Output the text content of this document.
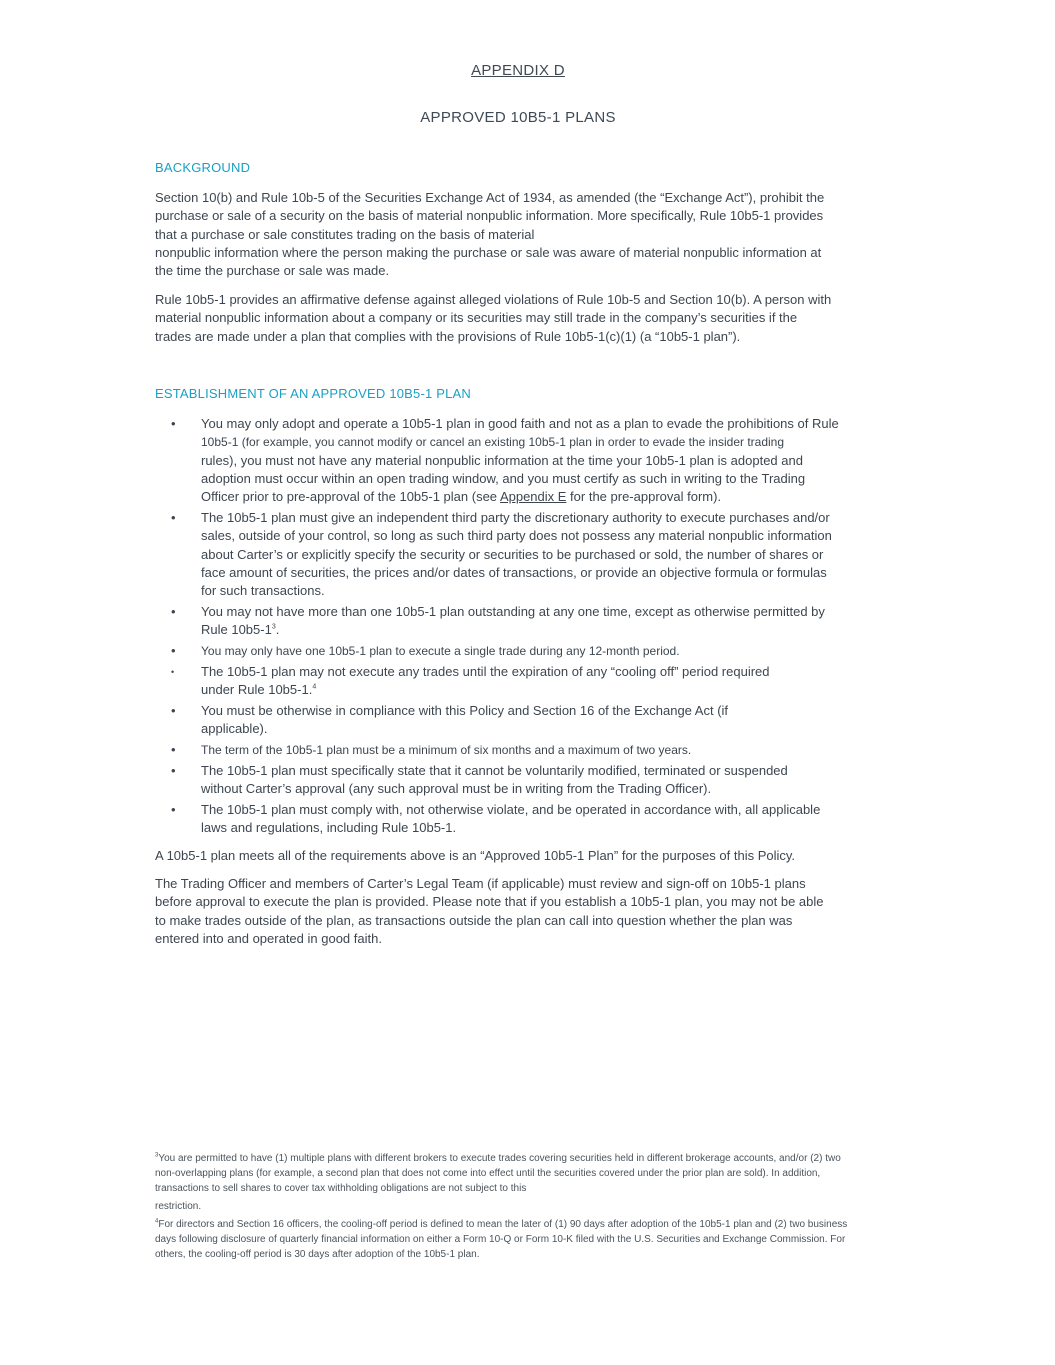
APPENDIX D
APPROVED 10B5-1 PLANS
BACKGROUND
Section 10(b) and Rule 10b-5 of the Securities Exchange Act of 1934, as amended (the “Exchange Act”), prohibit the
purchase or sale of a security on the basis of material nonpublic information. More specifically, Rule 10b5-1 provides
that a purchase or sale constitutes trading on the basis of material
nonpublic information where the person making the purchase or sale was aware of material nonpublic information at
the time the purchase or sale was made.
Rule 10b5-1 provides an affirmative defense against alleged violations of Rule 10b-5 and Section 10(b). A person with
material nonpublic information about a company or its securities may still trade in the company’s securities if the
trades are made under a plan that complies with the provisions of Rule 10b5-1(c)(1) (a “10b5-1 plan”).
ESTABLISHMENT OF AN APPROVED 10B5-1 PLAN
• You may only adopt and operate a 10b5-1 plan in good faith and not as a plan to evade the prohibitions of Rule
10b5-1 (for example, you cannot modify or cancel an existing 10b5-1 plan in order to evade the insider trading
rules), you must not have any material nonpublic information at the time your 10b5-1 plan is adopted and
adoption must occur within an open trading window, and you must certify as such in writing to the Trading
Officer prior to pre-approval of the 10b5-1 plan (see Appendix E for the pre-approval form).
• The 10b5-1 plan must give an independent third party the discretionary authority to execute purchases and/or
sales, outside of your control, so long as such third party does not possess any material nonpublic information
about Carter’s or explicitly specify the security or securities to be purchased or sold, the number of shares or
face amount of securities, the prices and/or dates of transactions, or provide an objective formula or formulas
for such transactions.
• You may not have more than one 10b5-1 plan outstanding at any one time, except as otherwise permitted by
Rule $10b5-1^3$.
• You may only have one 10b5-1 plan to execute a single trade during any 12-month period.
• The 10b5-1 plan may not execute any trades until the expiration of any “cooling off” period required
under Rule 10b5-1.$^4$
• You must be otherwise in compliance with this Policy and Section 16 of the Exchange Act (if
applicable).
• The term of the 10b5-1 plan must be a minimum of six months and a maximum of two years.
• The 10b5-1 plan must specifically state that it cannot be voluntarily modified, terminated or suspended
without Carter’s approval (any such approval must be in writing from the Trading Officer).
• The 10b5-1 plan must comply with, not otherwise violate, and be operated in accordance with, all applicable
laws and regulations, including Rule 10b5-1.
A 10b5-1 plan meets all of the requirements above is an “Approved 10b5-1 Plan” for the purposes of this Policy.
The Trading Officer and members of Carter’s Legal Team (if applicable) must review and sign-off on 10b5-1 plans
before approval to execute the plan is provided. Please note that if you establish a 10b5-1 plan, you may not be able
to make trades outside of the plan, as transactions outside the plan can call into question whether the plan was
entered into and operated in good faith.
$^3$You are permitted to have (1) multiple plans with different brokers to execute trades covering securities held in different brokerage accounts, and/or (2) two
non-overlapping plans (for example, a second plan that does not come into effect until the securities covered under the prior plan are sold). In addition,
transactions to sell shares to cover tax withholding obligations are not subject to this
restriction.
$^4$For directors and Section 16 officers, the cooling-off period is defined to mean the later of (1) 90 days after adoption of the 10b5-1 plan and (2) two business
days following disclosure of quarterly financial information on either a Form 10-Q or Form 10-K filed with the U.S. Securities and Exchange Commission. For
others, the cooling-off period is 30 days after adoption of the 10b5-1 plan.
